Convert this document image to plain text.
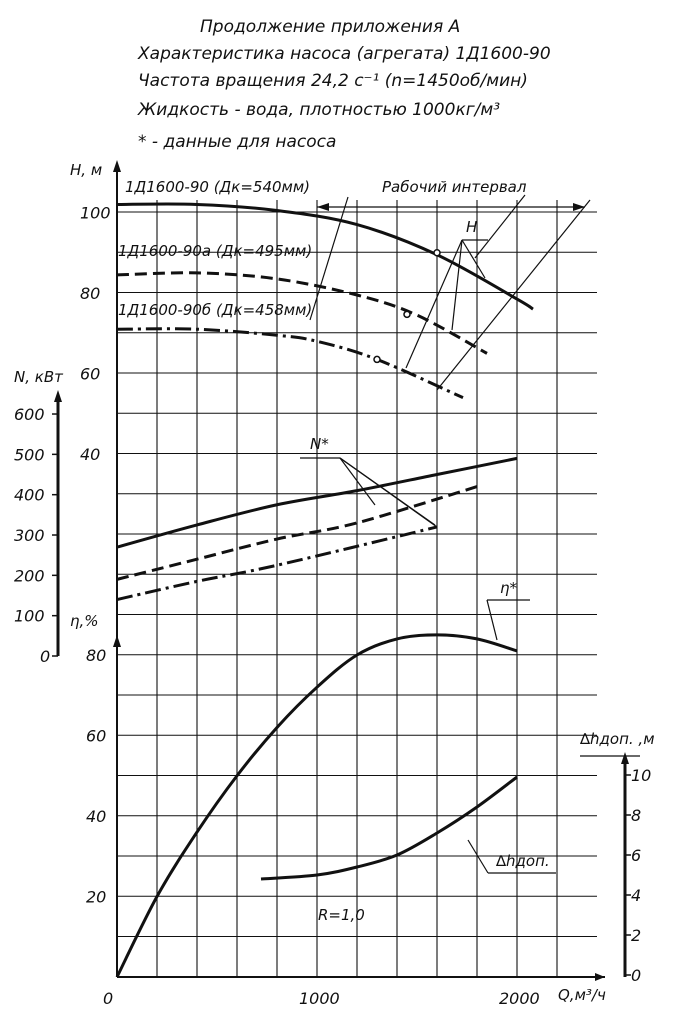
Продолжение приложения А
Характеристика насоса (агрегата) 1Д1600-90
Частота вращения 24,2 с⁻¹ (n=1450об/мин)
Жидкость - вода, плотностью 1000кг/м³
* - данные для насоса
H, м
N, кВт
η,%
∆hдоп. ,м
Q,м³/ч
1Д1600-90 (Дк=540мм)
1Д1600-90а (Дк=495мм)
1Д1600-90б (Дк=458мм)
Рабочий интервал
H
N*
η*
∆hдоп.
R=1,0
40
60
80
100
0
100
200
300
400
500
600
20
40
60
80
0
2
4
6
8
10
0	1000	2000
